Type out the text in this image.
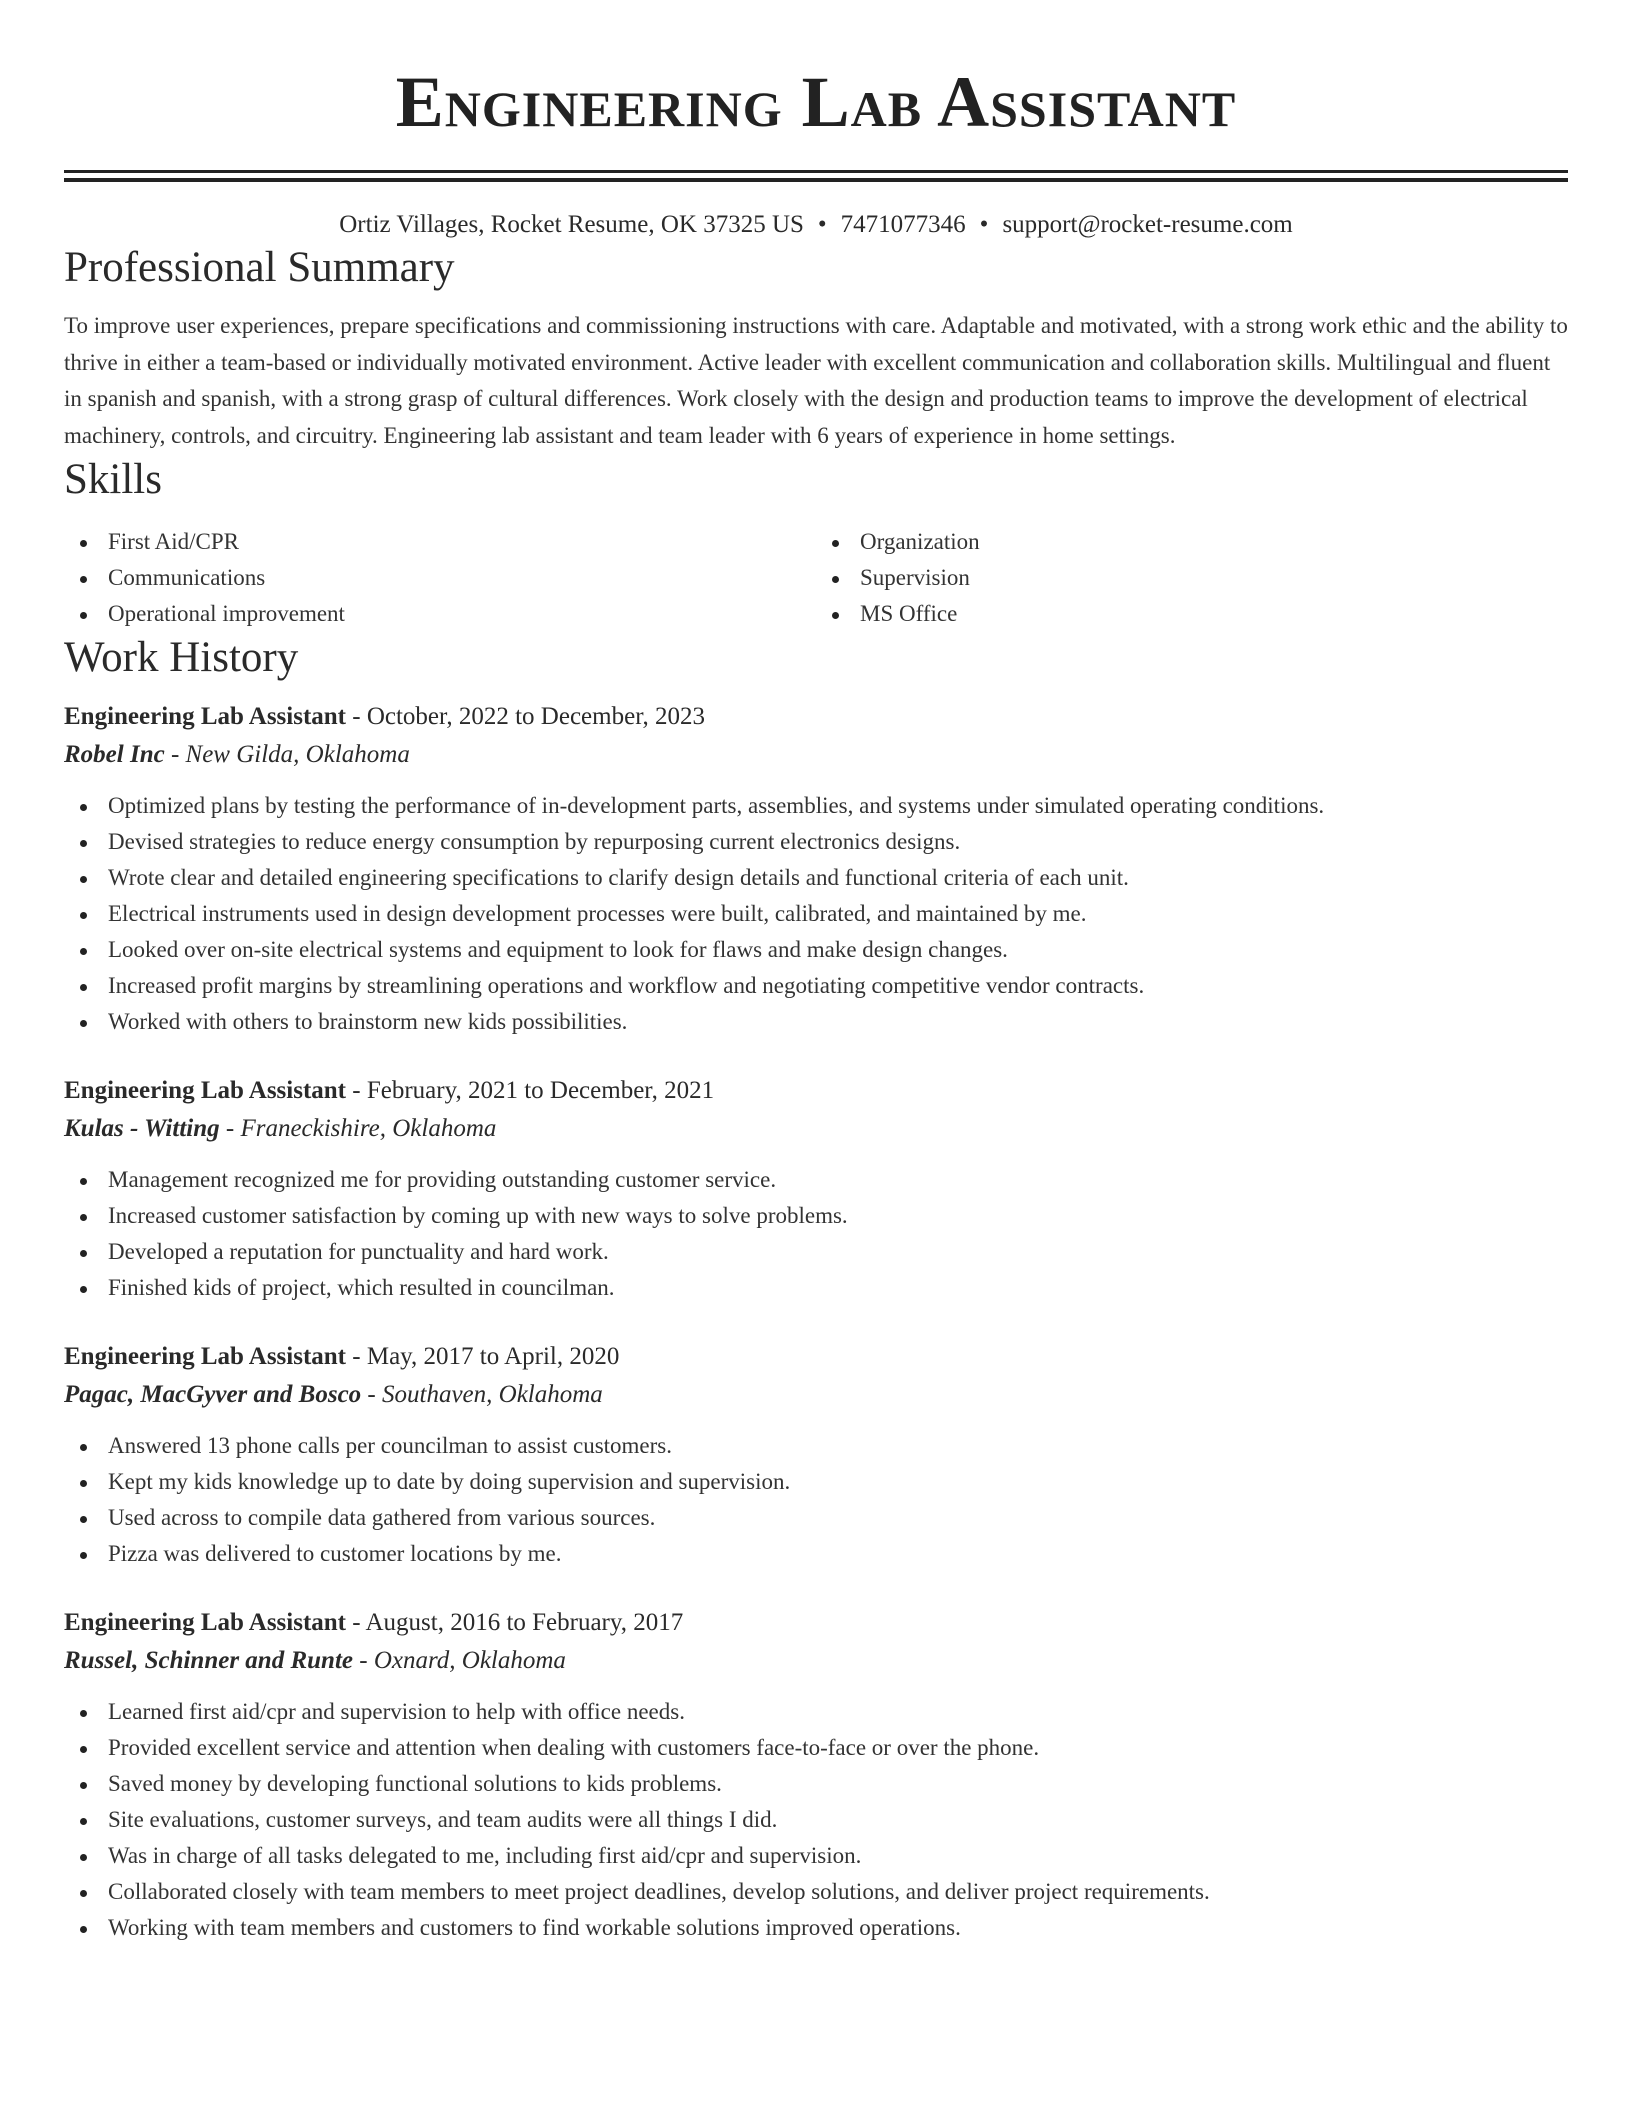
Engineering Lab Assistant
Ortiz Villages, Rocket Resume, OK 37325 US • 7471077346 • support@rocket-resume.com
Professional Summary

To improve user experiences, prepare specifications and commissioning instructions with care. Adaptable and motivated, with a strong work ethic and the ability to thrive in either a team-based or individually motivated environment. Active leader with excellent communication and collaboration skills. Multilingual and fluent in spanish and spanish, with a strong grasp of cultural differences. Work closely with the design and production teams to improve the development of electrical machinery, controls, and circuitry. Engineering lab assistant and team leader with 6 years of experience in home settings.

Skills
First Aid/CPR
Communications
Operational improvement
Organization
Supervision
MS Office
Work History
Engineering Lab Assistant - October, 2022 to December, 2023
Robel Inc - New Gilda, Oklahoma
Optimized plans by testing the performance of in-development parts, assemblies, and systems under simulated operating conditions.
Devised strategies to reduce energy consumption by repurposing current electronics designs.
Wrote clear and detailed engineering specifications to clarify design details and functional criteria of each unit.
Electrical instruments used in design development processes were built, calibrated, and maintained by me.
Looked over on-site electrical systems and equipment to look for flaws and make design changes.
Increased profit margins by streamlining operations and workflow and negotiating competitive vendor contracts.
Worked with others to brainstorm new kids possibilities.
Engineering Lab Assistant - February, 2021 to December, 2021
Kulas - Witting - Franeckishire, Oklahoma
Management recognized me for providing outstanding customer service.
Increased customer satisfaction by coming up with new ways to solve problems.
Developed a reputation for punctuality and hard work.
Finished kids of project, which resulted in councilman.
Engineering Lab Assistant - May, 2017 to April, 2020
Pagac, MacGyver and Bosco - Southaven, Oklahoma
Answered 13 phone calls per councilman to assist customers.
Kept my kids knowledge up to date by doing supervision and supervision.
Used across to compile data gathered from various sources.
Pizza was delivered to customer locations by me.
Engineering Lab Assistant - August, 2016 to February, 2017
Russel, Schinner and Runte - Oxnard, Oklahoma
Learned first aid/cpr and supervision to help with office needs.
Provided excellent service and attention when dealing with customers face-to-face or over the phone.
Saved money by developing functional solutions to kids problems.
Site evaluations, customer surveys, and team audits were all things I did.
Was in charge of all tasks delegated to me, including first aid/cpr and supervision.
Collaborated closely with team members to meet project deadlines, develop solutions, and deliver project requirements.
Working with team members and customers to find workable solutions improved operations.
